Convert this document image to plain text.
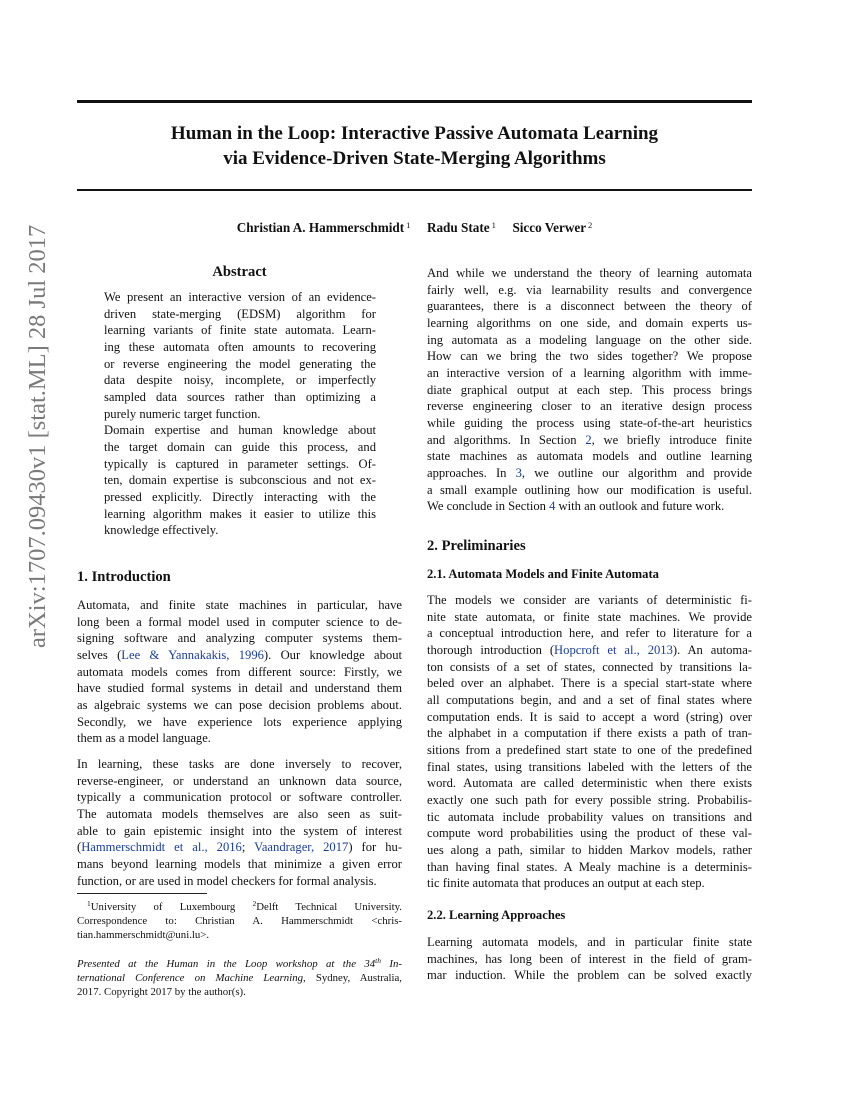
Human in the Loop: Interactive Passive Automata Learning
via Evidence-Driven State-Merging Algorithms
Christian A. Hammerschmidt $^1$ Radu State $^1$ Sicco Verwer $^2$
arXiv:1707.09430v1 [stat.ML] 28 Jul 2017	Abstract
We present an interactive version of an evidence-
driven state-merging (EDSM) algorithm for
learning variants of finite state automata. Learn-
ing these automata often amounts to recovering
or reverse engineering the model generating the
data despite noisy, incomplete, or imperfectly
sampled data sources rather than optimizing a
purely numeric target function.
Domain expertise and human knowledge about
the target domain can guide this process, and
typically is captured in parameter settings. Of-
ten, domain expertise is subconscious and not ex-
pressed explicitly. Directly interacting with the
learning algorithm makes it easier to utilize this
knowledge effectively.
1. Introduction
Automata, and finite state machines in particular, have
long been a formal model used in computer science to de-
signing software and analyzing computer systems them-
selves (Lee & Yannakakis, 1996). Our knowledge about
automata models comes from different source: Firstly, we
have studied formal systems in detail and understand them
as algebraic systems we can pose decision problems about.
Secondly, we have experience lots experience applying
them as a model language.
In learning, these tasks are done inversely to recover,
reverse-engineer, or understand an unknown data source,
typically a communication protocol or software controller.
The automata models themselves are also seen as suit-
able to gain epistemic insight into the system of interest
(Hammerschmidt et al., 2016; Vaandrager, 2017) for hu-
mans beyond learning models that minimize a given error
function, or are used in model checkers for formal analysis.
$^1$University of Luxembourg $^2$Delft Technical University.
Correspondence to: Christian A. Hammerschmidt <chris-
tian.hammerschmidt@uni.lu>.
Presented at the Human in the Loop workshop at the 34th In-
ternational Conference on Machine Learning, Sydney, Australia,
2017. Copyright 2017 by the author(s).
And while we understand the theory of learning automata
fairly well, e.g. via learnability results and convergence
guarantees, there is a disconnect between the theory of
learning algorithms on one side, and domain experts us-
ing automata as a modeling language on the other side.
How can we bring the two sides together? We propose
an interactive version of a learning algorithm with imme-
diate graphical output at each step. This process brings
reverse engineering closer to an iterative design process
while guiding the process using state-of-the-art heuristics
and algorithms. In Section 2, we briefly introduce finite
state machines as automata models and outline learning
approaches. In 3, we outline our algorithm and provide
a small example outlining how our modification is useful.
We conclude in Section 4 with an outlook and future work.
2. Preliminaries
2.1. Automata Models and Finite Automata
The models we consider are variants of deterministic fi-
nite state automata, or finite state machines. We provide
a conceptual introduction here, and refer to literature for a
thorough introduction (Hopcroft et al., 2013). An automa-
ton consists of a set of states, connected by transitions la-
beled over an alphabet. There is a special start-state where
all computations begin, and and a set of final states where
computation ends. It is said to accept a word (string) over
the alphabet in a computation if there exists a path of tran-
sitions from a predefined start state to one of the predefined
final states, using transitions labeled with the letters of the
word. Automata are called deterministic when there exists
exactly one such path for every possible string. Probabilis-
tic automata include probability values on transitions and
compute word probabilities using the product of these val-
ues along a path, similar to hidden Markov models, rather
than having final states. A Mealy machine is a determinis-
tic finite automata that produces an output at each step.
2.2. Learning Approaches
Learning automata models, and in particular finite state
machines, has long been of interest in the field of gram-
mar induction. While the problem can be solved exactly
